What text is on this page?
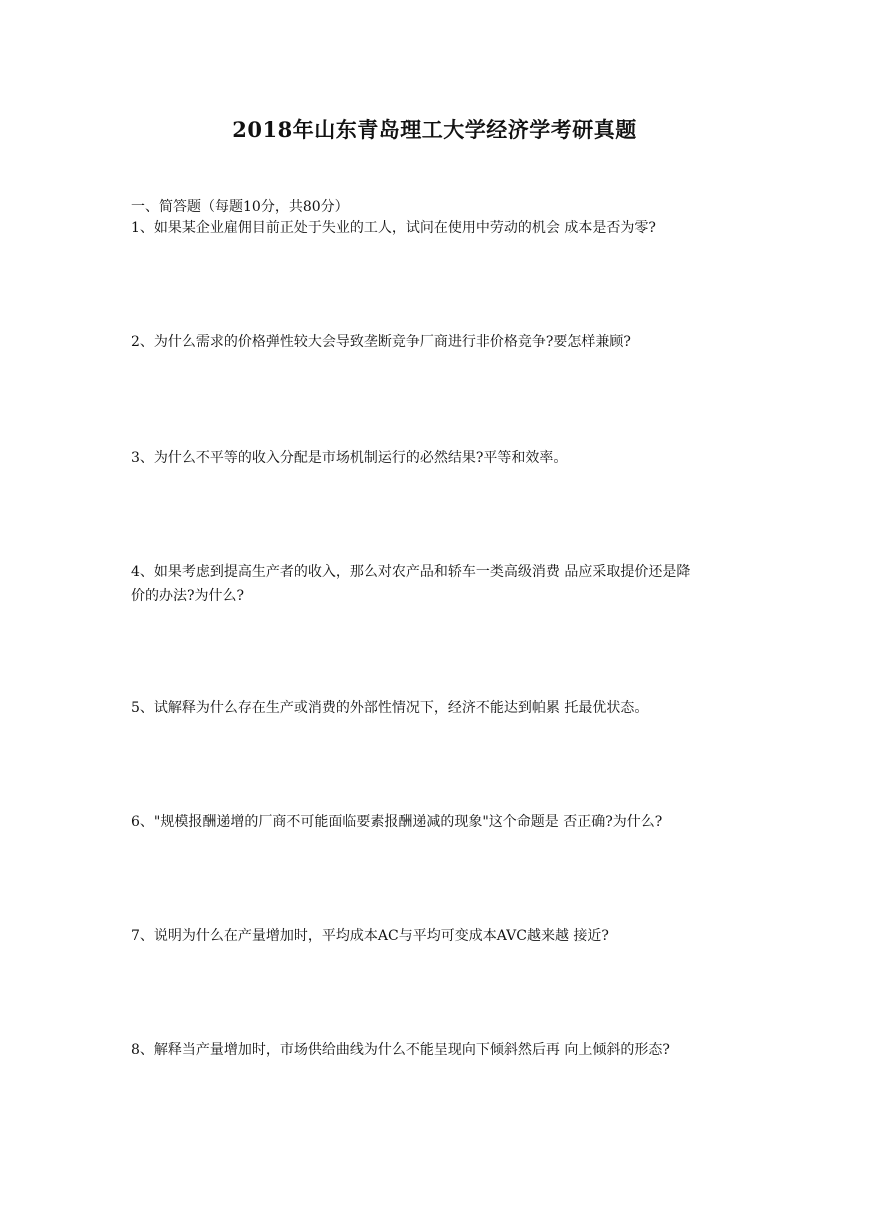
2018年山东青岛理工大学经济学考研真题
一、简答题（每题10分，共80分）
1、如果某企业雇佣目前正处于失业的工人，试问在使用中劳动的机会 成本是否为零?
2、为什么需求的价格弹性较大会导致垄断竞争厂商进行非价格竞争?要怎样兼顾?
3、为什么不平等的收入分配是市场机制运行的必然结果?平等和效率。
4、如果考虑到提高生产者的收入，那么对农产品和轿车一类高级消费 品应采取提价还是降
价的办法?为什么?
5、试解释为什么存在生产或消费的外部性情况下，经济不能达到帕累 托最优状态。
6、"规模报酬递增的厂商不可能面临要素报酬递减的现象"这个命题是 否正确?为什么?
7、说明为什么在产量增加时，平均成本AC与平均可变成本AVC越来越 接近?
8、解释当产量增加时，市场供给曲线为什么不能呈现向下倾斜然后再 向上倾斜的形态?
